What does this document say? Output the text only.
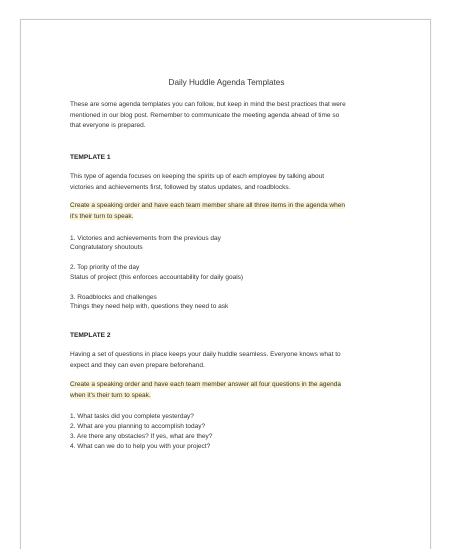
Daily Huddle Agenda Templates
These are some agenda templates you can follow, but keep in mind the best practices that were
mentioned in our blog post. Remember to communicate the meeting agenda ahead of time so
that everyone is prepared.
TEMPLATE 1
This type of agenda focuses on keeping the spirits up of each employee by talking about
victories and achievements first, followed by status updates, and roadblocks.
Create a speaking order and have each team member share all three items in the agenda when
it's their turn to speak.
1. Victories and achievements from the previous day
Congratulatory shoutouts
2. Top priority of the day
Status of project (this enforces accountability for daily goals)
3. Roadblocks and challenges
Things they need help with, questions they need to ask
TEMPLATE 2
Having a set of questions in place keeps your daily huddle seamless. Everyone knows what to
expect and they can even prepare beforehand.
Create a speaking order and have each team member answer all four questions in the agenda
when it's their turn to speak.
1. What tasks did you complete yesterday?
2. What are you planning to accomplish today?
3. Are there any obstacles? If yes, what are they?
4. What can we do to help you with your project?
